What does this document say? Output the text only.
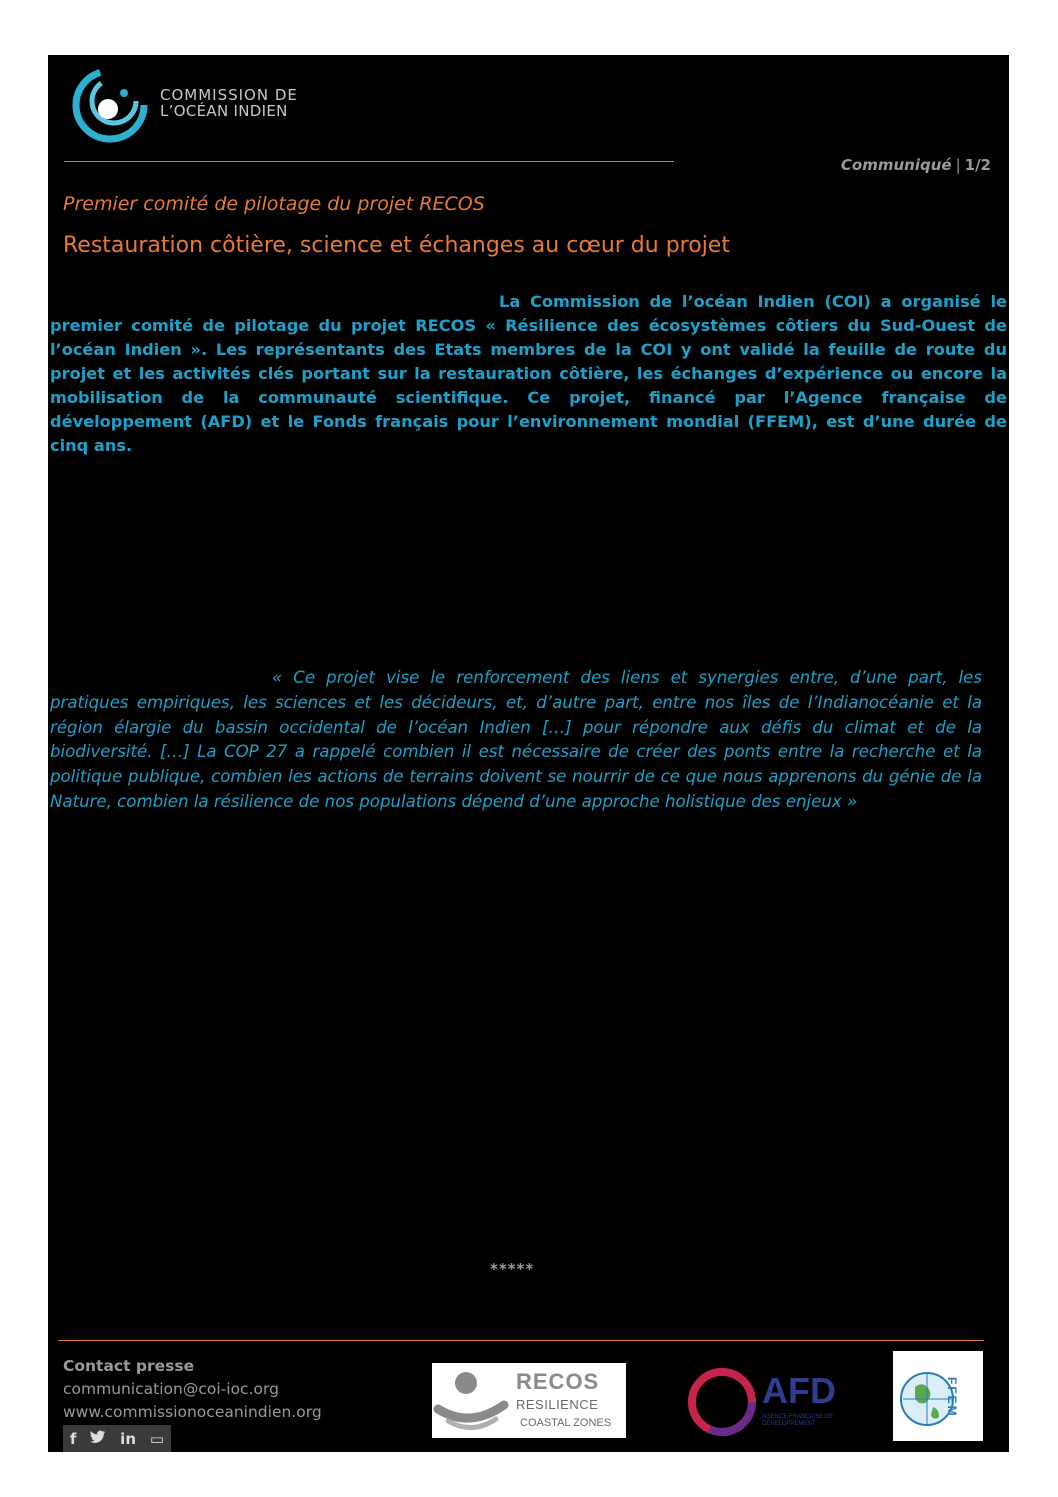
COMMISSION DE
L’OCÉAN INDIEN
Communiqué | 1/2
Premier comité de pilotage du projet RECOS
Restauration côtière, science et échanges au cœur du projet
La Commission de l’océan Indien (COI) a organisé le premier comité de pilotage du projet RECOS « Résilience des écosystèmes côtiers du Sud-Ouest de l’océan Indien ». Les représentants des Etats membres de la COI y ont validé la feuille de route du projet et les activités clés portant sur la restauration côtière, les échanges d’expérience ou encore la mobilisation de la communauté scientifique. Ce projet, financé par l’Agence française de développement (AFD) et le Fonds français pour l’environnement mondial (FFEM), est d’une durée de cinq ans.
« Ce projet vise le renforcement des liens et synergies entre, d’une part, les pratiques empiriques, les sciences et les décideurs, et, d’autre part, entre nos îles de l’Indianocéanie et la région élargie du bassin occidental de l’océan Indien […] pour répondre aux défis du climat et de la biodiversité. […] La COP 27 a rappelé combien il est nécessaire de créer des ponts entre la recherche et la politique publique, combien les actions de terrains doivent se nourrir de ce que nous apprenons du génie de la Nature, combien la résilience de nos populations dépend d’une approche holistique des enjeux »
*****
Contact presse
communication@coi-ioc.org
www.commissionoceanindien.org
f	in ▭
RECOS
RESILIENCE
COASTAL ZONES
AFD
AGENCE FRANÇAISE DE DÉVELOPPEMENT
FFEM
